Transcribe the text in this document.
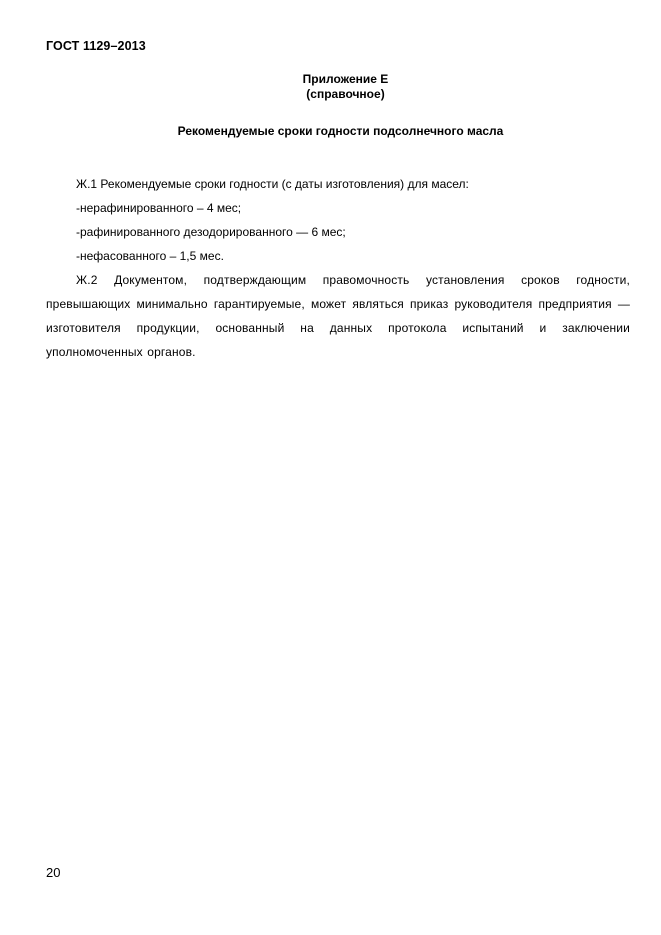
ГОСТ 1129–2013
Приложение Е
(справочное)
Рекомендуемые сроки годности подсолнечного масла
Ж.1 Рекомендуемые сроки годности (с даты изготовления) для масел:
-нерафинированного – 4 мес;
-рафинированного дезодорированного — 6 мес;
-нефасованного – 1,5 мес.
Ж.2 Документом, подтверждающим правомочность установления сроков годности, превышающих минимально гарантируемые, может являться приказ руководителя предприятия — изготовителя продукции, основанный на данных протокола испытаний и заключении уполномоченных органов.
20
